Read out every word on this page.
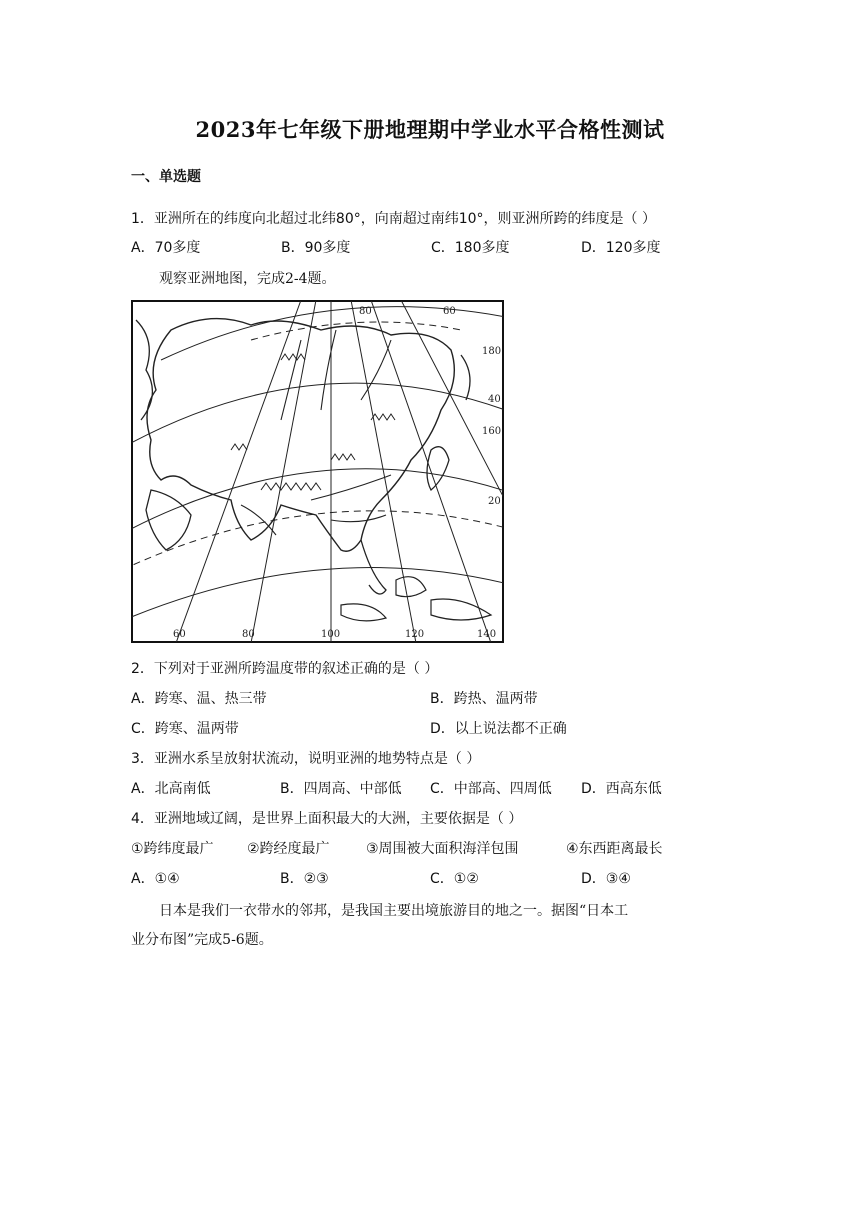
2023年七年级下册地理期中学业水平合格性测试
一、单选题
1．亚洲所在的纬度向北超过北纬80°，向南超过南纬10°，则亚洲所跨的纬度是（ ）
A．70多度	B．90多度	C．180多度	D．120多度
观察亚洲地图，完成2-4题。
80	60
180
40
160
20
60	80	100	120	140
2．下列对于亚洲所跨温度带的叙述正确的是（ ）
A．跨寒、温、热三带	B．跨热、温两带
C．跨寒、温两带	D．以上说法都不正确
3．亚洲水系呈放射状流动，说明亚洲的地势特点是（ ）
A．北高南低	B．四周高、中部低 C．中部高、四周低 D．西高东低
4．亚洲地域辽阔，是世界上面积最大的大洲，主要依据是（ ）
①跨纬度最广 ②跨经度最广	③周围被大面积海洋包围	④东西距离最长
A．①④	B．②③	C．①②	D．③④
日本是我们一衣带水的邻邦，是我国主要出境旅游目的地之一。据图“日本工
业分布图”完成5-6题。
